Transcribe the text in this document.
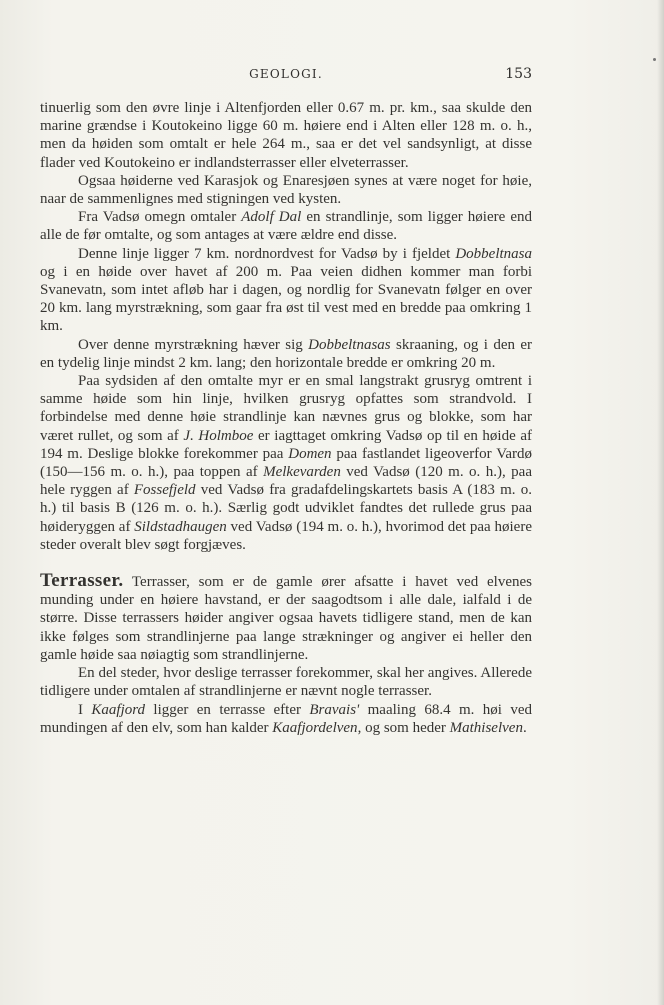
GEOLOGI.	153

tinuerlig som den øvre linje i Altenfjorden eller 0.67 m. pr. km., saa skulde den marine grændse i Koutokeino ligge 60 m. høiere end i Alten eller 128 m. o. h., men da høiden som omtalt er hele 264 m., saa er det vel sandsynligt, at disse flader ved Koutokeino er indlandsterrasser eller elveterrasser.

Ogsaa høiderne ved Karasjok og Enaresjøen synes at være noget for høie, naar de sammenlignes med stigningen ved kysten.

Fra Vadsø omegn omtaler Adolf Dal en strandlinje, som ligger høiere end alle de før omtalte, og som antages at være ældre end disse.

Denne linje ligger 7 km. nordnordvest for Vadsø by i fjeldet Dobbeltnasa og i en høide over havet af 200 m. Paa veien didhen kommer man forbi Svanevatn, som intet afløb har i dagen, og nordlig for Svanevatn følger en over 20 km. lang myrstrækning, som gaar fra øst til vest med en bredde paa omkring 1 km.

Over denne myrstrækning hæver sig Dobbeltnasas skraaning, og i den er en tydelig linje mindst 2 km. lang; den horizontale bredde er omkring 20 m.

Paa sydsiden af den omtalte myr er en smal langstrakt grusryg omtrent i samme høide som hin linje, hvilken grusryg opfattes som strandvold. I forbindelse med denne høie strandlinje kan nævnes grus og blokke, som har været rullet, og som af J. Holmboe er iagttaget omkring Vadsø op til en høide af 194 m. Deslige blokke forekommer paa Domen paa fastlandet ligeoverfor Vardø (150—156 m. o. h.), paa toppen af Melkevarden ved Vadsø (120 m. o. h.), paa hele ryggen af Fossefjeld ved Vadsø fra gradafdelingskartets basis A (183 m. o. h.) til basis B (126 m. o. h.). Særlig godt udviklet fandtes det rullede grus paa høideryggen af Sildstadhaugen ved Vadsø (194 m. o. h.), hvorimod det paa høiere steder overalt blev søgt forgjæves.

Terrasser. Terrasser, som er de gamle ører afsatte i havet ved elvenes munding under en høiere havstand, er der saagodtsom i alle dale, ialfald i de større. Disse terrassers høider angiver ogsaa havets tidligere stand, men de kan ikke følges som strandlinjerne paa lange strækninger og angiver ei heller den gamle høide saa nøiagtig som strandlinjerne.

En del steder, hvor deslige terrasser forekommer, skal her angives. Allerede tidligere under omtalen af strandlinjerne er nævnt nogle terrasser.

I Kaafjord ligger en terrasse efter Bravais' maaling 68.4 m. høi ved mundingen af den elv, som han kalder Kaafjordelven, og som heder Mathiselven.
